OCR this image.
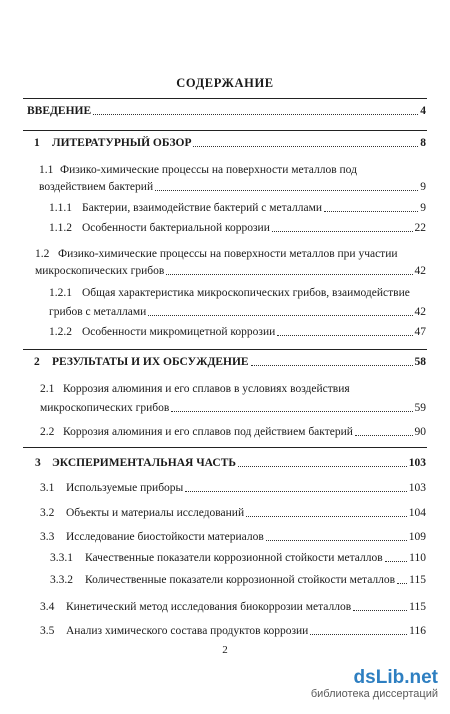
СОДЕРЖАНИЕ
ВВЕДЕНИЕ	4
1 ЛИТЕРАТУРНЫЙ ОБЗОР	8
1.1 Физико-химические процессы на поверхности металлов под
воздействием бактерий	9
1.1.1 Бактерии, взаимодействие бактерий с металлами	9
1.1.2 Особенности бактериальной коррозии	22
1.2 Физико-химические процессы на поверхности металлов при участии
микроскопических грибов	42
1.2.1 Общая характеристика микроскопических грибов, взаимодействие
грибов с металлами	42
1.2.2 Особенности микромицетной коррозии	47
2 РЕЗУЛЬТАТЫ И ИХ ОБСУЖДЕНИЕ	58
2.1 Коррозия алюминия и его сплавов в условиях воздействия
микроскопических грибов	59
2.2 Коррозия алюминия и его сплавов под действием бактерий	90
3 ЭКСПЕРИМЕНТАЛЬНАЯ ЧАСТЬ	103
3.1 Используемые приборы	103
3.2 Объекты и материалы исследований	104
3.3 Исследование биостойкости материалов	109
3.3.1 Качественные показатели коррозионной стойкости металлов 110
3.3.2 Количественные показатели коррозионной стойкости металлов 115
3.4 Кинетический метод исследования биокоррозии металлов	115
3.5 Анализ химического состава продуктов коррозии	116
2
dsLib.net
библиотека диссертаций
